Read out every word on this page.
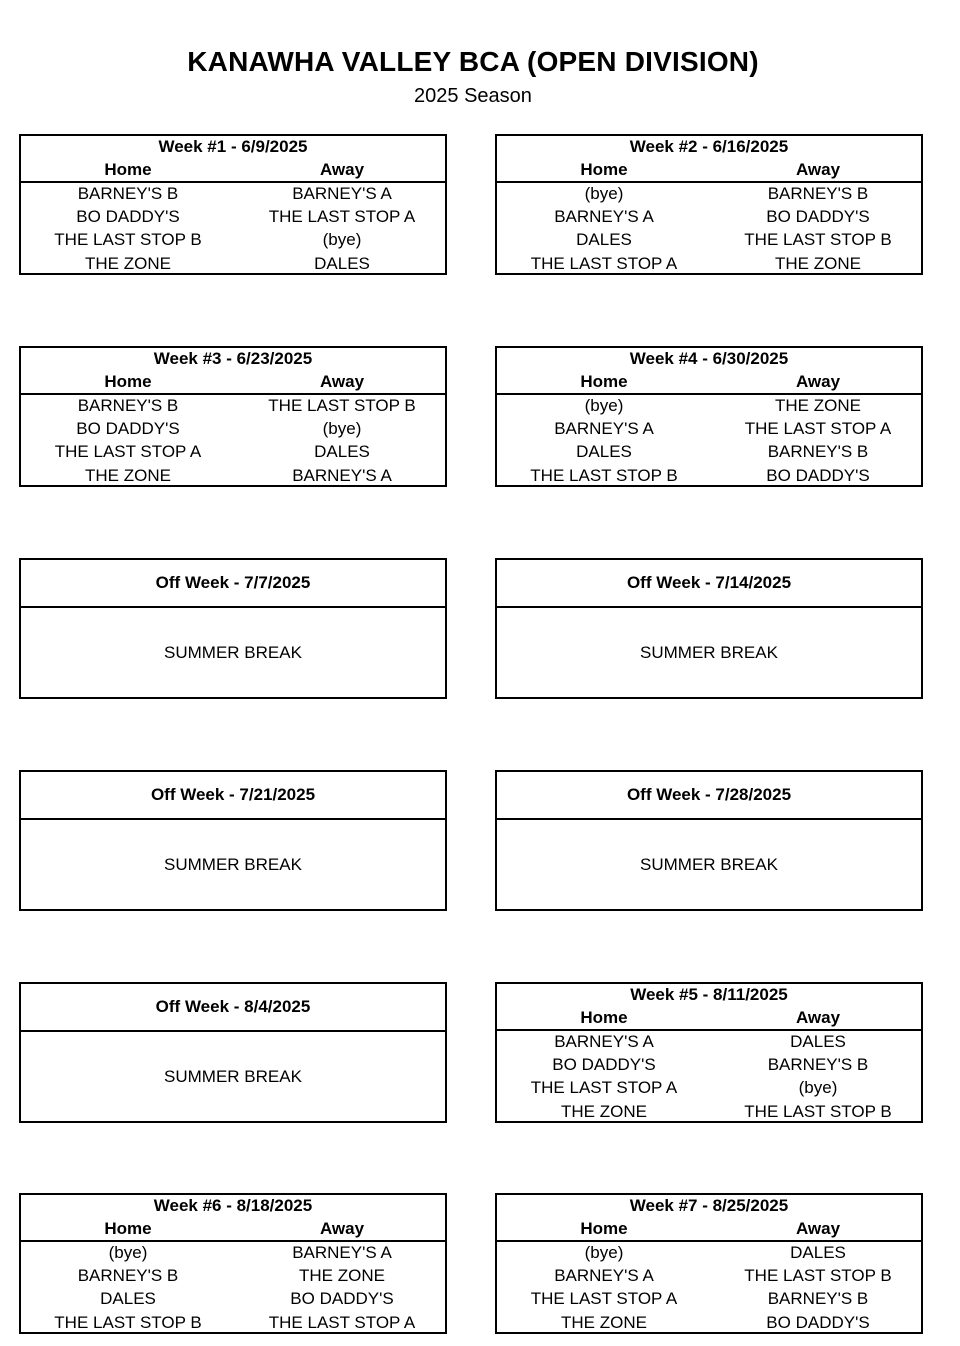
KANAWHA VALLEY BCA (OPEN DIVISION)
2025 Season
Week #1 - 6/9/2025
Home	Away
BARNEY'S B	BARNEY'S A
BO DADDY'S	THE LAST STOP A
THE LAST STOP B	(bye)
THE ZONE	DALES
Week #2 - 6/16/2025
Home	Away
(bye)	BARNEY'S B
BARNEY'S A	BO DADDY'S
DALES	THE LAST STOP B
THE LAST STOP A	THE ZONE
Week #3 - 6/23/2025
Home	Away
BARNEY'S B	THE LAST STOP B
BO DADDY'S	(bye)
THE LAST STOP A	DALES
THE ZONE	BARNEY'S A
Week #4 - 6/30/2025
Home	Away
(bye)	THE ZONE
BARNEY'S A	THE LAST STOP A
DALES	BARNEY'S B
THE LAST STOP B	BO DADDY'S
Off Week - 7/7/2025
SUMMER BREAK
Off Week - 7/14/2025
SUMMER BREAK
Off Week - 7/21/2025
SUMMER BREAK
Off Week - 7/28/2025
SUMMER BREAK
Off Week - 8/4/2025
SUMMER BREAK
Week #5 - 8/11/2025
Home	Away
BARNEY'S A	DALES
BO DADDY'S	BARNEY'S B
THE LAST STOP A	(bye)
THE ZONE	THE LAST STOP B
Week #6 - 8/18/2025
Home	Away
(bye)	BARNEY'S A
BARNEY'S B	THE ZONE
DALES	BO DADDY'S
THE LAST STOP B	THE LAST STOP A
Week #7 - 8/25/2025
Home	Away
(bye)	DALES
BARNEY'S A	THE LAST STOP B
THE LAST STOP A	BARNEY'S B
THE ZONE	BO DADDY'S
